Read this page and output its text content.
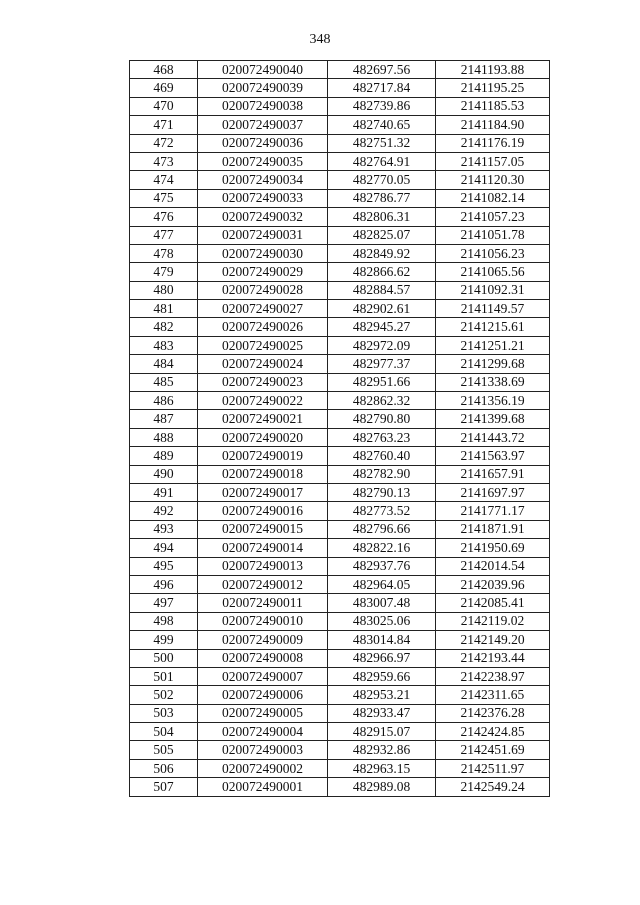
348
468	020072490040	482697.56	2141193.88
469	020072490039	482717.84	2141195.25
470	020072490038	482739.86	2141185.53
471	020072490037	482740.65	2141184.90
472	020072490036	482751.32	2141176.19
473	020072490035	482764.91	2141157.05
474	020072490034	482770.05	2141120.30
475	020072490033	482786.77	2141082.14
476	020072490032	482806.31	2141057.23
477	020072490031	482825.07	2141051.78
478	020072490030	482849.92	2141056.23
479	020072490029	482866.62	2141065.56
480	020072490028	482884.57	2141092.31
481	020072490027	482902.61	2141149.57
482	020072490026	482945.27	2141215.61
483	020072490025	482972.09	2141251.21
484	020072490024	482977.37	2141299.68
485	020072490023	482951.66	2141338.69
486	020072490022	482862.32	2141356.19
487	020072490021	482790.80	2141399.68
488	020072490020	482763.23	2141443.72
489	020072490019	482760.40	2141563.97
490	020072490018	482782.90	2141657.91
491	020072490017	482790.13	2141697.97
492	020072490016	482773.52	2141771.17
493	020072490015	482796.66	2141871.91
494	020072490014	482822.16	2141950.69
495	020072490013	482937.76	2142014.54
496	020072490012	482964.05	2142039.96
497	020072490011	483007.48	2142085.41
498	020072490010	483025.06	2142119.02
499	020072490009	483014.84	2142149.20
500	020072490008	482966.97	2142193.44
501	020072490007	482959.66	2142238.97
502	020072490006	482953.21	2142311.65
503	020072490005	482933.47	2142376.28
504	020072490004	482915.07	2142424.85
505	020072490003	482932.86	2142451.69
506	020072490002	482963.15	2142511.97
507	020072490001	482989.08	2142549.24
